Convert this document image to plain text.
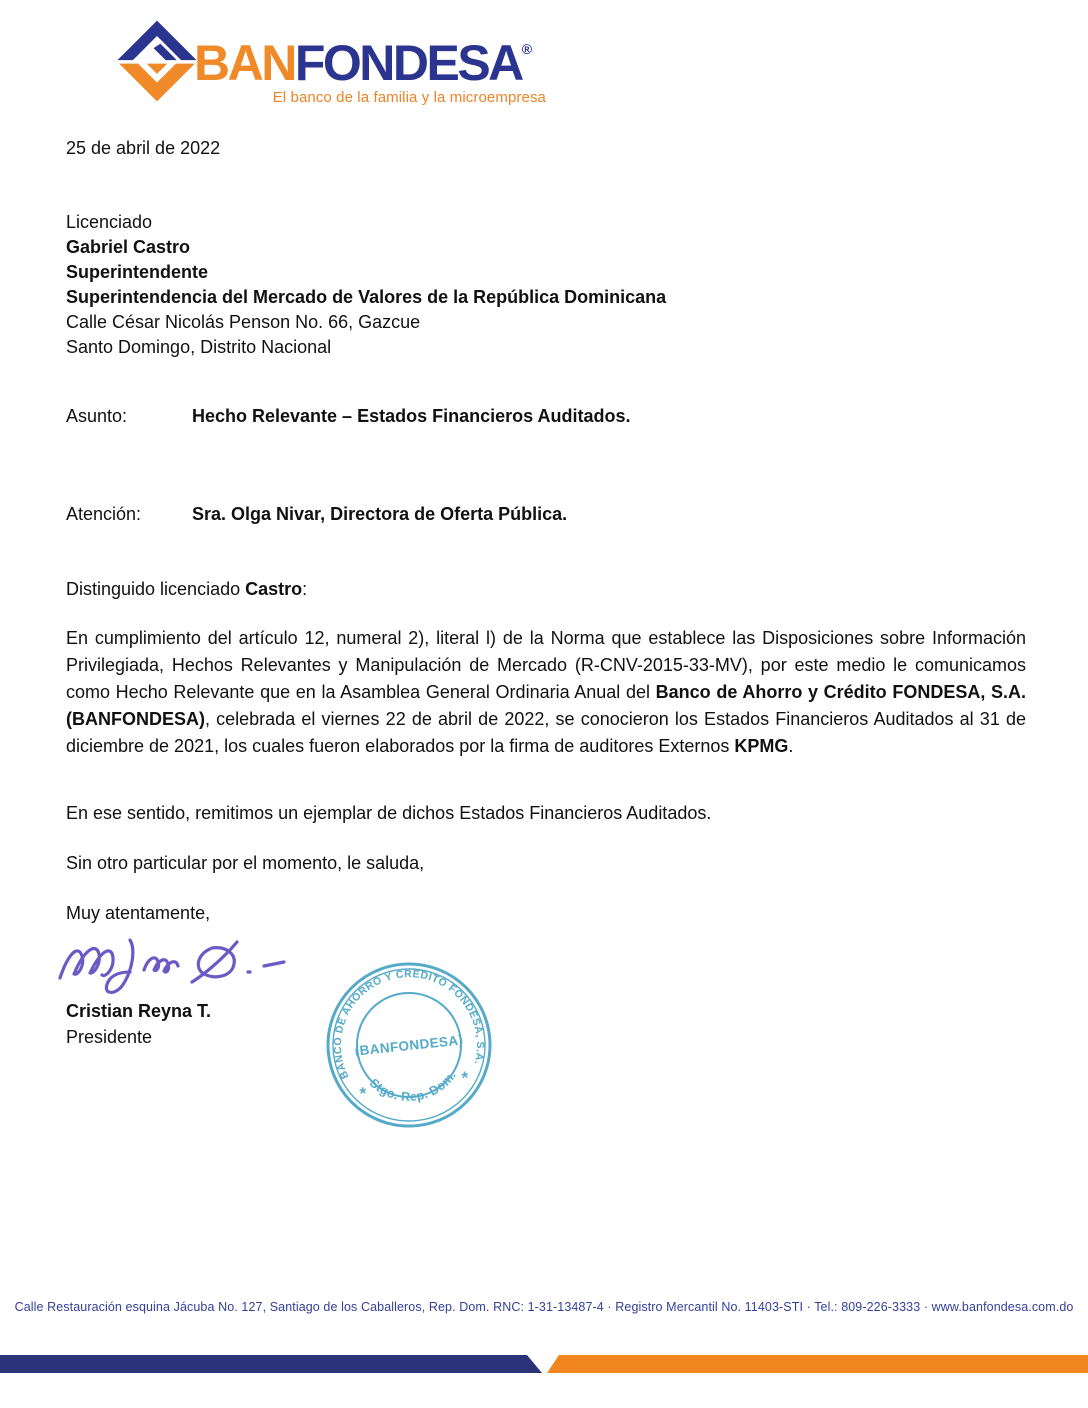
BANFONDESA®
El banco de la familia y la microempresa
25 de abril de 2022
Licenciado
Gabriel Castro
Superintendente
Superintendencia del Mercado de Valores de la República Dominicana
Calle César Nicolás Penson No. 66, Gazcue
Santo Domingo, Distrito Nacional
Asunto:	Hecho Relevante – Estados Financieros Auditados.
Atención:	Sra. Olga Nivar, Directora de Oferta Pública.
Distinguido licenciado Castro:
En cumplimiento del artículo 12, numeral 2), literal l) de la Norma que establece las Disposiciones sobre Información Privilegiada, Hechos Relevantes y Manipulación de Mercado (R-CNV-2015-33-MV), por este medio le comunicamos como Hecho Relevante que en la Asamblea General Ordinaria Anual del Banco de Ahorro y Crédito FONDESA, S.A. (BANFONDESA), celebrada el viernes 22 de abril de 2022, se conocieron los Estados Financieros Auditados al 31 de diciembre de 2021, los cuales fueron elaborados por la firma de auditores Externos KPMG.
En ese sentido, remitimos un ejemplar de dichos Estados Financieros Auditados.
Sin otro particular por el momento, le saluda,
Muy atentamente,
Cristian Reyna T.
Presidente
BANCO DE AHORRO Y CREDITO FONDESA, S.A.
Stgo. Rep. Dom.
(BANFONDESA)
*
*
Calle Restauración esquina Jácuba No. 127, Santiago de los Caballeros, Rep. Dom. RNC: 1-31-13487-4 · Registro Mercantil No. 11403-STI · Tel.: 809-226-3333 · www.banfondesa.com.do
